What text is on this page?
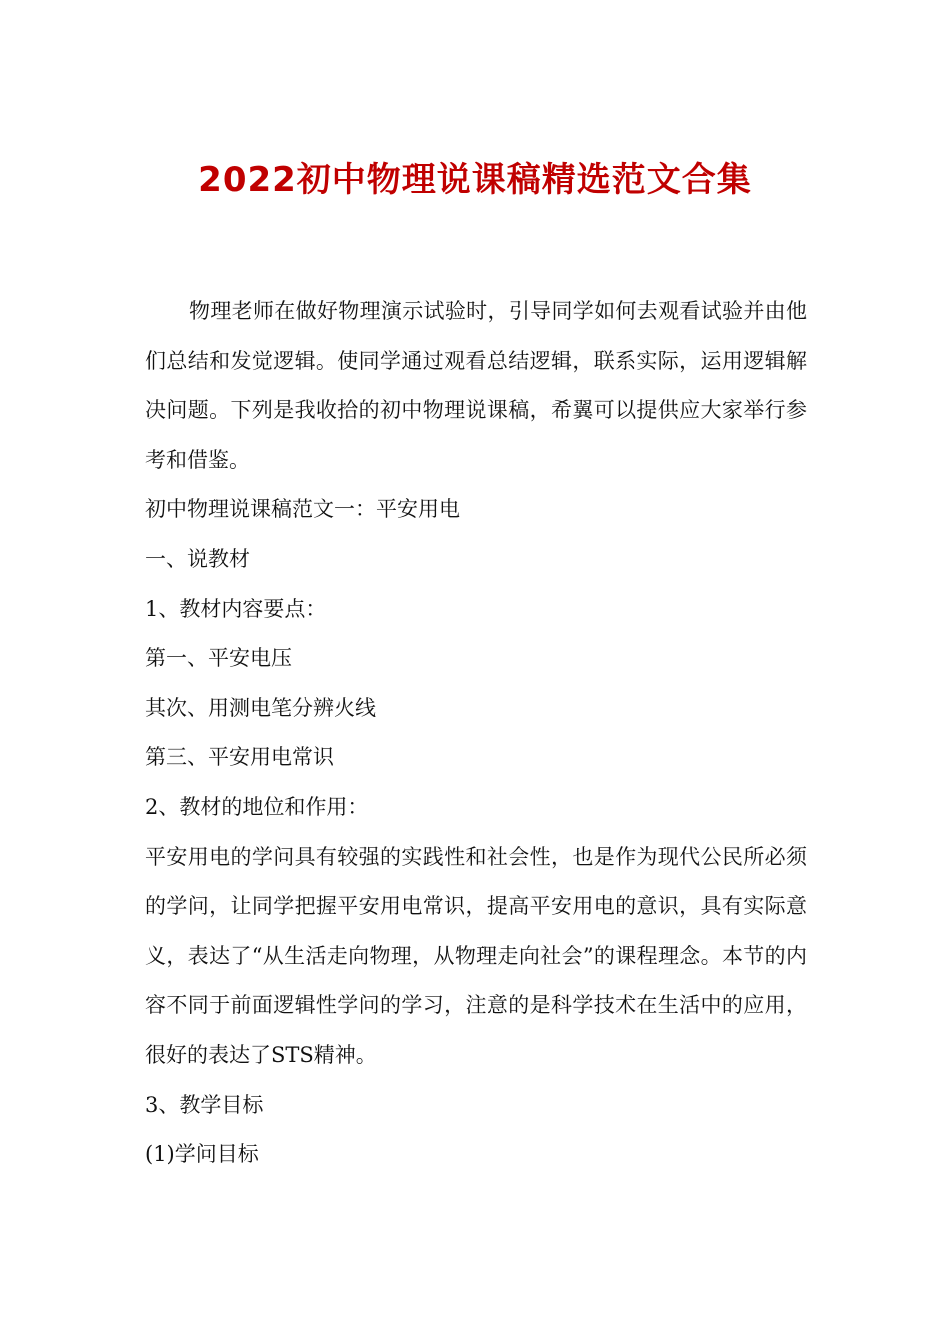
2022初中物理说课稿精选范文合集

物理老师在做好物理演示试验时，引导同学如何去观看试验并由他们总结和发觉逻辑。使同学通过观看总结逻辑，联系实际，运用逻辑解决问题。下列是我收拾的初中物理说课稿，希翼可以提供应大家举行参考和借鉴。

初中物理说课稿范文一：平安用电

一、说教材

1、教材内容要点：

第一、平安电压

其次、用测电笔分辨火线

第三、平安用电常识

2、教材的地位和作用：

平安用电的学问具有较强的实践性和社会性，也是作为现代公民所必须的学问，让同学把握平安用电常识，提高平安用电的意识，具有实际意义，表达了“从生活走向物理，从物理走向社会”的课程理念。本节的内容不同于前面逻辑性学问的学习，注意的是科学技术在生活中的应用，很好的表达了STS精神。

3、教学目标

(1)学问目标
